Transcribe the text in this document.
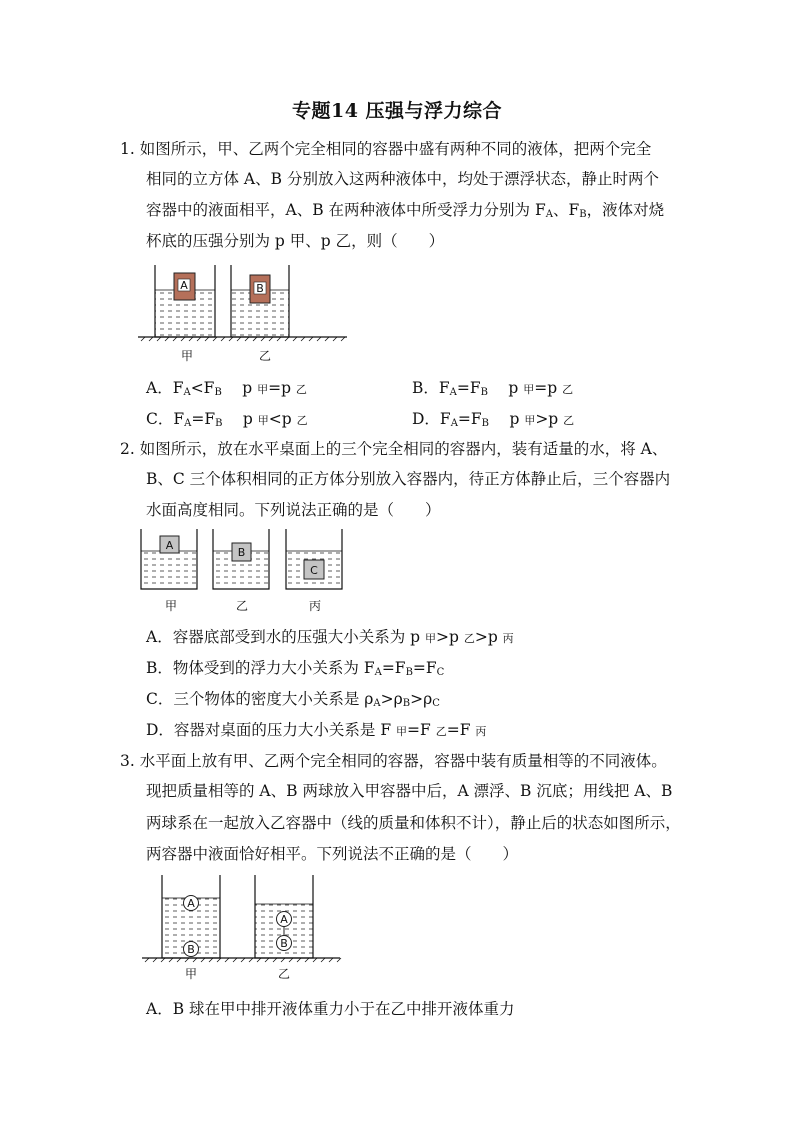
专题14 压强与浮力综合
1. 如图所示，甲、乙两个完全相同的容器中盛有两种不同的液体，把两个完全
相同的立方体 A、B 分别放入这两种液体中，均处于漂浮状态，静止时两个
容器中的液面相平，A、B 在两种液体中所受浮力分别为 $F_A$、$F_B$，液体对烧
杯底的压强分别为 p 甲、p 乙，则（　　）
A	B
甲	乙
A．$F_A<F_B$　 p 甲=p 乙	B．$F_A=F_B$　 p 甲=p 乙
C．$F_A=F_B$　 p 甲<p 乙	D．$F_A=F_B$　 p 甲>p 乙
2. 如图所示，放在水平桌面上的三个完全相同的容器内，装有适量的水，将 A、
B、C 三个体积相同的正方体分别放入容器内，待正方体静止后，三个容器内
水面高度相同。下列说法正确的是（　　）
A
B
C
甲	乙	丙
A．容器底部受到水的压强大小关系为 p 甲>p 乙>p 丙
B．物体受到的浮力大小关系为 $F_A=F_B=F_C$
C．三个物体的密度大小关系是 $\rho_A>\rho_B>\rho_C$
D．容器对桌面的压力大小关系是 F 甲=F 乙=F 丙
3. 水平面上放有甲、乙两个完全相同的容器，容器中装有质量相等的不同液体。
现把质量相等的 A、B 两球放入甲容器中后，A 漂浮、B 沉底；用线把 A、B
两球系在一起放入乙容器中（线的质量和体积不计），静止后的状态如图所示，
两容器中液面恰好相平。下列说法不正确的是（　　）
A
B
A
B
甲	乙
A．B 球在甲中排开液体重力小于在乙中排开液体重力
